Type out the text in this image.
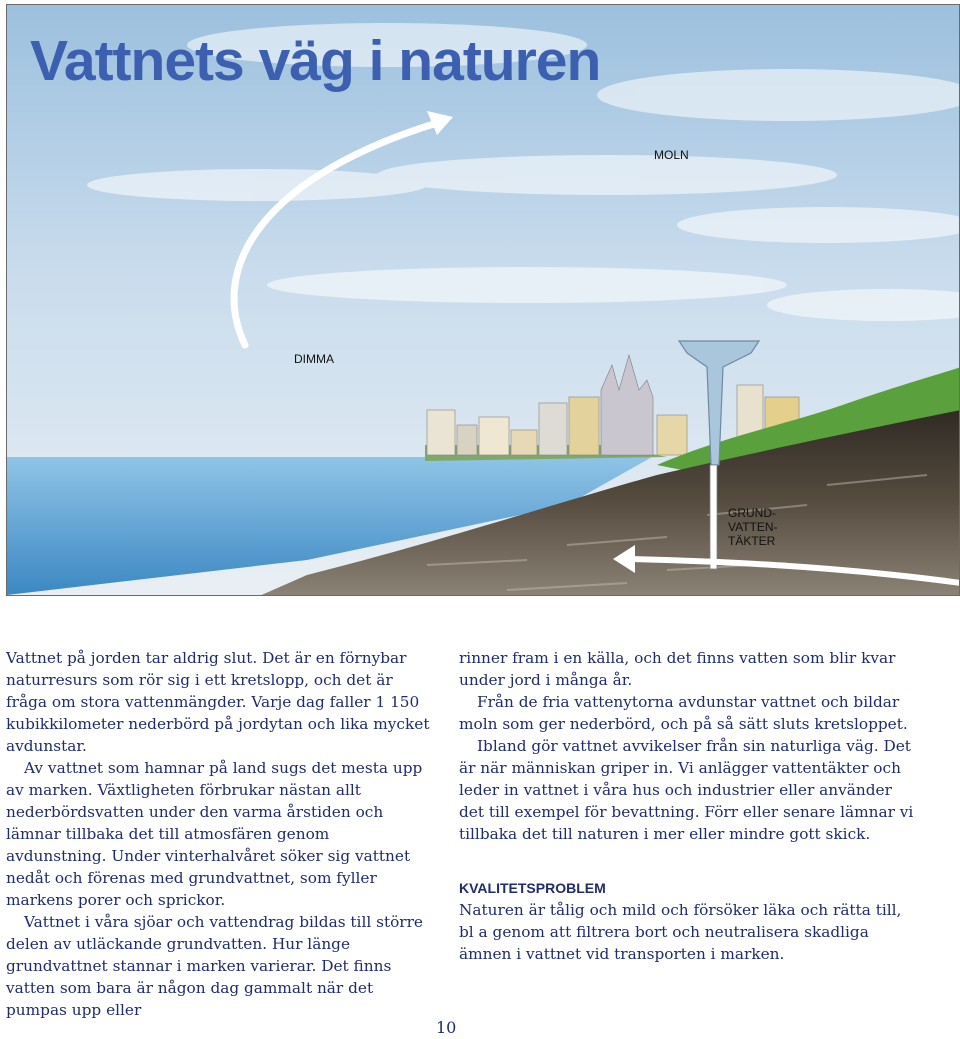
Vattnets väg i naturen
MOLN
DIMMA
GRUND-
VATTEN-
TÄKTER

Vattnet på jorden tar aldrig slut. Det är en förnybar naturresurs som rör sig i ett kretslopp, och det är fråga om stora vattenmängder. Varje dag faller 1 150 kubikkilometer nederbörd på jordytan och lika mycket avdunstar.

Av vattnet som hamnar på land sugs det mesta upp av marken. Växtligheten förbrukar nästan allt nederbördsvatten under den varma årstiden och lämnar tillbaka det till atmosfären genom avdunstning. Under vinterhalvåret söker sig vattnet nedåt och förenas med grundvattnet, som fyller markens porer och sprickor.

Vattnet i våra sjöar och vattendrag bildas till större delen av utläckande grundvatten. Hur länge grundvattnet stannar i marken varierar. Det finns vatten som bara är någon dag gammalt när det pumpas upp eller

rinner fram i en källa, och det finns vatten som blir kvar under jord i många år.

Från de fria vattenytorna avdunstar vattnet och bildar moln som ger nederbörd, och på så sätt sluts kretsloppet.

Ibland gör vattnet avvikelser från sin naturliga väg. Det är när människan griper in. Vi anlägger vattentäkter och leder in vattnet i våra hus och industrier eller använder det till exempel för bevattning. Förr eller senare lämnar vi tillbaka det till naturen i mer eller mindre gott skick.

KVALITETSPROBLEM

Naturen är tålig och mild och försöker läka och rätta till, bl a genom att filtrera bort och neutralisera skadliga ämnen i vattnet vid transporten i marken.

10
